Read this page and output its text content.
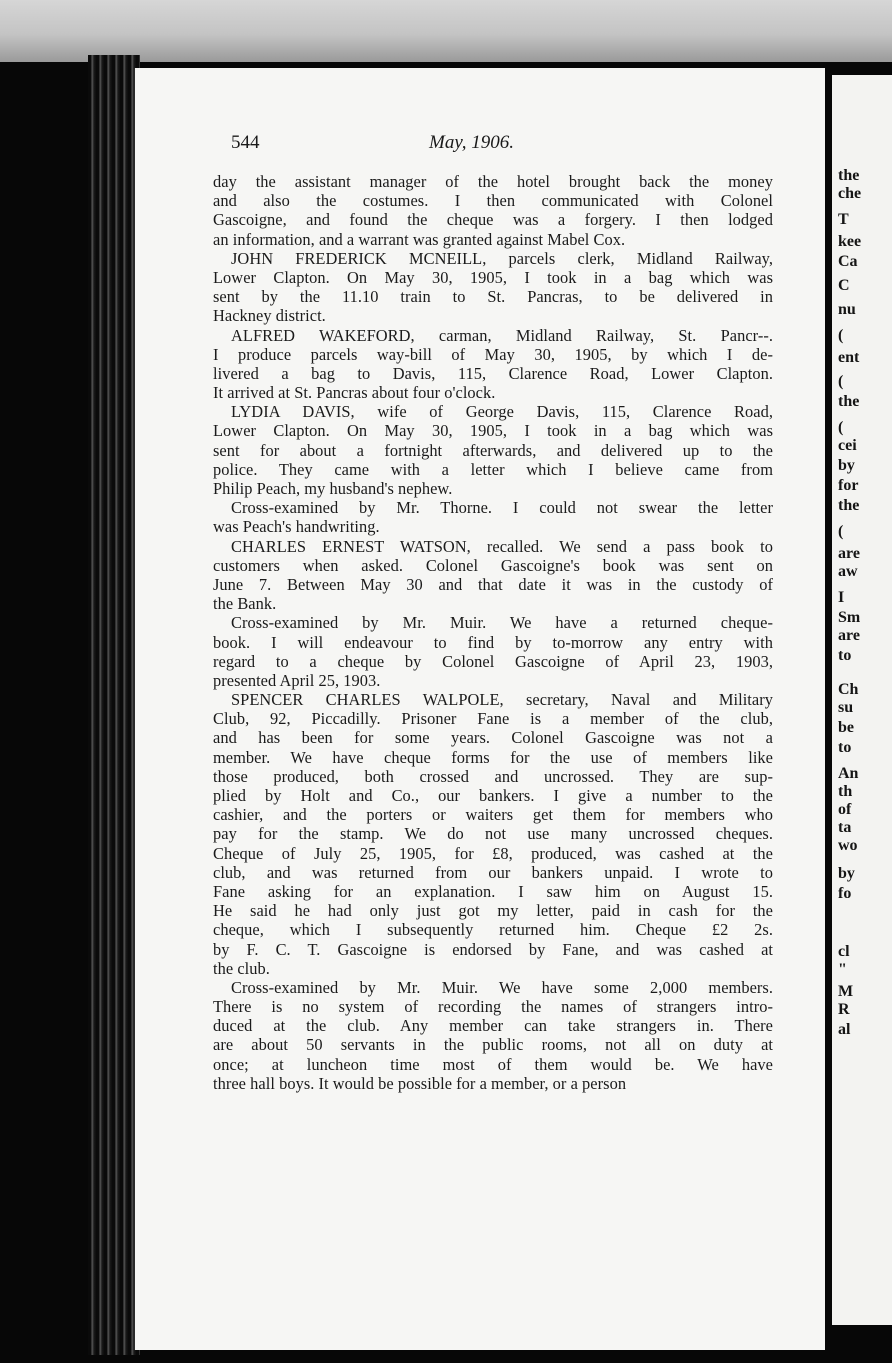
544	May, 1906.
day the assistant manager of the hotel brought back the money
and also the costumes. I then communicated with Colonel
Gascoigne, and found the cheque was a forgery. I then lodged
an information, and a warrant was granted against Mabel Cox.
JOHN FREDERICK MCNEILL, parcels clerk, Midland Railway,
Lower Clapton. On May 30, 1905, I took in a bag which was
sent by the 11.10 train to St. Pancras, to be delivered in
Hackney district.
ALFRED WAKEFORD, carman, Midland Railway, St. Pancr--.
I produce parcels way-bill of May 30, 1905, by which I de-
livered a bag to Davis, 115, Clarence Road, Lower Clapton.
It arrived at St. Pancras about four o'clock.
LYDIA DAVIS, wife of George Davis, 115, Clarence Road,
Lower Clapton. On May 30, 1905, I took in a bag which was
sent for about a fortnight afterwards, and delivered up to the
police. They came with a letter which I believe came from
Philip Peach, my husband's nephew.
Cross-examined by Mr. Thorne. I could not swear the letter
was Peach's handwriting.
CHARLES ERNEST WATSON, recalled. We send a pass book to
customers when asked. Colonel Gascoigne's book was sent on
June 7. Between May 30 and that date it was in the custody of
the Bank.
Cross-examined by Mr. Muir. We have a returned cheque-
book. I will endeavour to find by to-morrow any entry with
regard to a cheque by Colonel Gascoigne of April 23, 1903,
presented April 25, 1903.
SPENCER CHARLES WALPOLE, secretary, Naval and Military
Club, 92, Piccadilly. Prisoner Fane is a member of the club,
and has been for some years. Colonel Gascoigne was not a
member. We have cheque forms for the use of members like
those produced, both crossed and uncrossed. They are sup-
plied by Holt and Co., our bankers. I give a number to the
cashier, and the porters or waiters get them for members who
pay for the stamp. We do not use many uncrossed cheques.
Cheque of July 25, 1905, for £8, produced, was cashed at the
club, and was returned from our bankers unpaid. I wrote to
Fane asking for an explanation. I saw him on August 15.
He said he had only just got my letter, paid in cash for the
cheque, which I subsequently returned him. Cheque £2 2s.
by F. C. T. Gascoigne is endorsed by Fane, and was cashed at
the club.
Cross-examined by Mr. Muir. We have some 2,000 members.
There is no system of recording the names of strangers intro-
duced at the club. Any member can take strangers in. There
are about 50 servants in the public rooms, not all on duty at
once; at luncheon time most of them would be. We have
three hall boys. It would be possible for a member, or a person
the
che
T
kee
Ca
C
nu
(
ent
(
the
(
cei
by
for
the
(
are
aw
I
Sm
are
to
Ch
su
be
to
An
th
of
ta
wo
by
fo
cl
"
M
R
al
